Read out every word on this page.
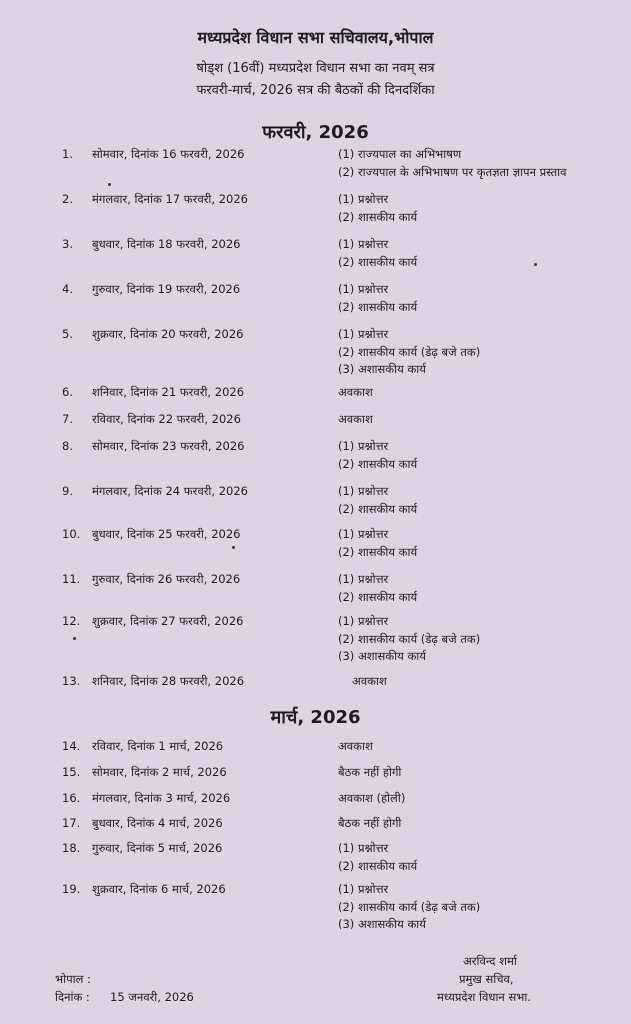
मध्यप्रदेश विधान सभा सचिवालय,भोपाल
षोड्श (16वीं) मध्यप्रदेश विधान सभा का नवम् सत्र
फरवरी-मार्च, 2026 सत्र की बैठकों की दिनदर्शिका
फरवरी, 2026
1. सोमवार, दिनांक 16 फरवरी, 2026	(1) राज्यपाल का अभिभाषण
(2) राज्यपाल के अभिभाषण पर कृतज्ञता ज्ञापन प्रस्ताव
2. मंगलवार, दिनांक 17 फरवरी, 2026	(1) प्रश्नोत्तर
(2) शासकीय कार्य
3. बुधवार, दिनांक 18 फरवरी, 2026	(1) प्रश्नोत्तर
(2) शासकीय कार्य
4. गुरुवार, दिनांक 19 फरवरी, 2026	(1) प्रश्नोत्तर
(2) शासकीय कार्य
5. शुक्रवार, दिनांक 20 फरवरी, 2026	(1) प्रश्नोत्तर
(2) शासकीय कार्य (डेढ़ बजे तक)
(3) अशासकीय कार्य
6. शनिवार, दिनांक 21 फरवरी, 2026	अवकाश
7. रविवार, दिनांक 22 फरवरी, 2026	अवकाश
8. सोमवार, दिनांक 23 फरवरी, 2026	(1) प्रश्नोत्तर
(2) शासकीय कार्य
9. मंगलवार, दिनांक 24 फरवरी, 2026	(1) प्रश्नोत्तर
(2) शासकीय कार्य
10. बुधवार, दिनांक 25 फरवरी, 2026	(1) प्रश्नोत्तर
(2) शासकीय कार्य
11. गुरुवार, दिनांक 26 फरवरी, 2026	(1) प्रश्नोत्तर
(2) शासकीय कार्य
12. शुक्रवार, दिनांक 27 फरवरी, 2026	(1) प्रश्नोत्तर
(2) शासकीय कार्य (डेढ़ बजे तक)
(3) अशासकीय कार्य
13. शनिवार, दिनांक 28 फरवरी, 2026	अवकाश
मार्च, 2026
14. रविवार, दिनांक 1 मार्च, 2026	अवकाश
15. सोमवार, दिनांक 2 मार्च, 2026	बैठक नहीं होगी
16. मंगलवार, दिनांक 3 मार्च, 2026	अवकाश (होली)
17. बुधवार, दिनांक 4 मार्च, 2026	बैठक नहीं होगी
18. गुरुवार, दिनांक 5 मार्च, 2026	(1) प्रश्नोत्तर
(2) शासकीय कार्य
19. शुक्रवार, दिनांक 6 मार्च, 2026	(1) प्रश्नोत्तर
(2) शासकीय कार्य (डेढ़ बजे तक)
(3) अशासकीय कार्य
भोपाल :
दिनांक : 15 जनवरी, 2026
अरविन्द शर्मा
प्रमुख सचिव,
मध्यप्रदेश विधान सभा.
